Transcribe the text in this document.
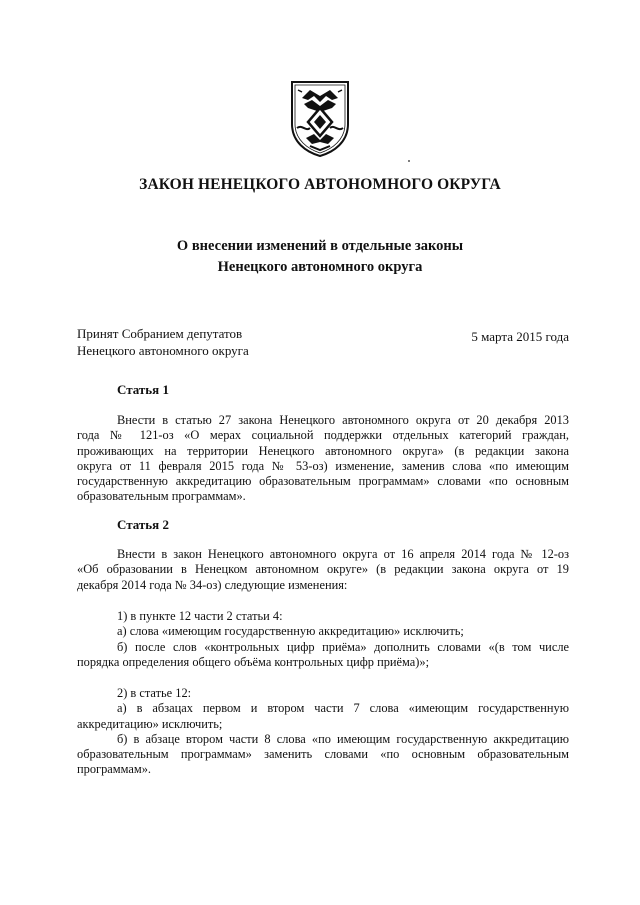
ЗАКОН НЕНЕЦКОГО АВТОНОМНОГО ОКРУГА
О внесении изменений в отдельные законы
Ненецкого автономного округа
Принят Собранием депутатов
Ненецкого автономного округа
5 марта 2015 года
Статья 1
Внести в статью 27 закона Ненецкого автономного округа от 20 декабря 2013
года № 121-оз «О мерах социальной поддержки отдельных категорий граждан,
проживающих на территории Ненецкого автономного округа» (в редакции закона
округа от 11 февраля 2015 года № 53-оз) изменение, заменив слова «по имеющим
государственную аккредитацию образовательным программам» словами «по основным
образовательным программам».
Статья 2
Внести в закон Ненецкого автономного округа от 16 апреля 2014 года № 12-оз
«Об образовании в Ненецком автономном округе» (в редакции закона округа от 19
декабря 2014 года № 34-оз) следующие изменения:
1) в пункте 12 части 2 статьи 4:
а) слова «имеющим государственную аккредитацию» исключить;
б) после слов «контрольных цифр приёма» дополнить словами «(в том числе
порядка определения общего объёма контрольных цифр приёма)»;
2) в статье 12:
а) в абзацах первом и втором части 7 слова «имеющим государственную
аккредитацию» исключить;
б) в абзаце втором части 8 слова «по имеющим государственную аккредитацию
образовательным программам» заменить словами «по основным образовательным
программам».
